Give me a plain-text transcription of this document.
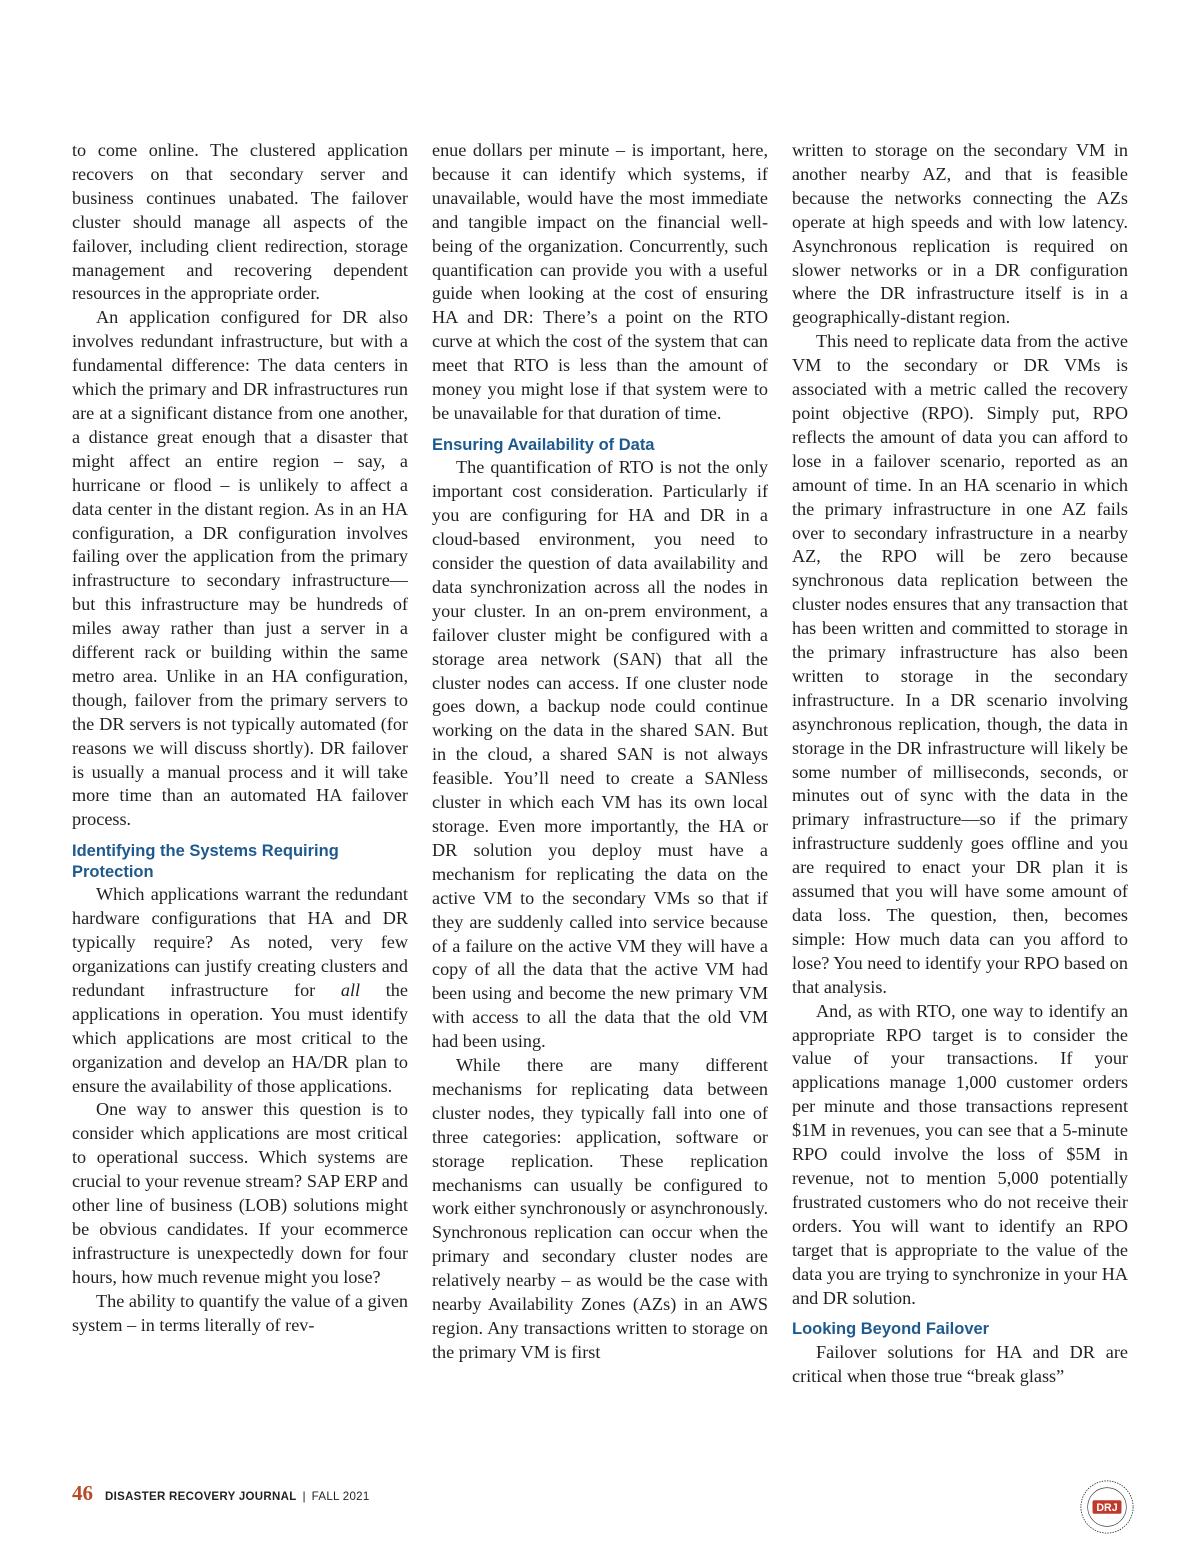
to come online. The clustered application recovers on that secondary server and business continues unabated. The failover cluster should manage all aspects of the failover, including client redirection, storage management and recovering dependent resources in the appropriate order.

An application configured for DR also involves redundant infrastructure, but with a fundamental difference: The data centers in which the primary and DR infrastructures run are at a significant distance from one another, a distance great enough that a disaster that might affect an entire region – say, a hurricane or flood – is unlikely to affect a data center in the distant region. As in an HA configuration, a DR configuration involves failing over the application from the primary infrastructure to secondary infrastructure—but this infrastructure may be hundreds of miles away rather than just a server in a different rack or building within the same metro area. Unlike in an HA configuration, though, failover from the primary servers to the DR servers is not typically automated (for reasons we will discuss shortly). DR failover is usually a manual process and it will take more time than an automated HA failover process.

Identifying the Systems Requiring Protection

Which applications warrant the redundant hardware configurations that HA and DR typically require? As noted, very few organizations can justify creating clusters and redundant infrastructure for all the applications in operation. You must identify which applications are most critical to the organization and develop an HA/DR plan to ensure the availability of those applications.

One way to answer this question is to consider which applications are most critical to operational success. Which systems are crucial to your revenue stream? SAP ERP and other line of business (LOB) solutions might be obvious candidates. If your ecommerce infrastructure is unexpectedly down for four hours, how much revenue might you lose?

The ability to quantify the value of a given system – in terms literally of rev-

enue dollars per minute – is important, here, because it can identify which systems, if unavailable, would have the most immediate and tangible impact on the financial well-being of the organization. Concurrently, such quantification can provide you with a useful guide when looking at the cost of ensuring HA and DR: There’s a point on the RTO curve at which the cost of the system that can meet that RTO is less than the amount of money you might lose if that system were to be unavailable for that duration of time.

Ensuring Availability of Data

The quantification of RTO is not the only important cost consideration. Particularly if you are configuring for HA and DR in a cloud-based environment, you need to consider the question of data availability and data synchronization across all the nodes in your cluster. In an on-prem environment, a failover cluster might be configured with a storage area network (SAN) that all the cluster nodes can access. If one cluster node goes down, a backup node could continue working on the data in the shared SAN. But in the cloud, a shared SAN is not always feasible. You’ll need to create a SANless cluster in which each VM has its own local storage. Even more importantly, the HA or DR solution you deploy must have a mechanism for replicating the data on the active VM to the secondary VMs so that if they are suddenly called into service because of a failure on the active VM they will have a copy of all the data that the active VM had been using and become the new primary VM with access to all the data that the old VM had been using.

While there are many different mechanisms for replicating data between cluster nodes, they typically fall into one of three categories: application, software or storage replication. These replication mechanisms can usually be configured to work either synchronously or asynchronously. Synchronous replication can occur when the primary and secondary cluster nodes are relatively nearby – as would be the case with nearby Availability Zones (AZs) in an AWS region. Any transactions written to storage on the primary VM is first

written to storage on the secondary VM in another nearby AZ, and that is feasible because the networks connecting the AZs operate at high speeds and with low latency. Asynchronous replication is required on slower networks or in a DR configuration where the DR infrastructure itself is in a geographically-distant region.

This need to replicate data from the active VM to the secondary or DR VMs is associated with a metric called the recovery point objective (RPO). Simply put, RPO reflects the amount of data you can afford to lose in a failover scenario, reported as an amount of time. In an HA scenario in which the primary infrastructure in one AZ fails over to secondary infrastructure in a nearby AZ, the RPO will be zero because synchronous data replication between the cluster nodes ensures that any transaction that has been written and committed to storage in the primary infrastructure has also been written to storage in the secondary infrastructure. In a DR scenario involving asynchronous replication, though, the data in storage in the DR infrastructure will likely be some number of milliseconds, seconds, or minutes out of sync with the data in the primary infrastructure—so if the primary infrastructure suddenly goes offline and you are required to enact your DR plan it is assumed that you will have some amount of data loss. The question, then, becomes simple: How much data can you afford to lose? You need to identify your RPO based on that analysis.

And, as with RTO, one way to identify an appropriate RPO target is to consider the value of your transactions. If your applications manage 1,000 customer orders per minute and those transactions represent $1M in revenues, you can see that a 5-minute RPO could involve the loss of $5M in revenue, not to mention 5,000 potentially frustrated customers who do not receive their orders. You will want to identify an RPO target that is appropriate to the value of the data you are trying to synchronize in your HA and DR solution.

Looking Beyond Failover

Failover solutions for HA and DR are critical when those true “break glass”

46 DISASTER RECOVERY JOURNAL | FALL 2021
DRJ
